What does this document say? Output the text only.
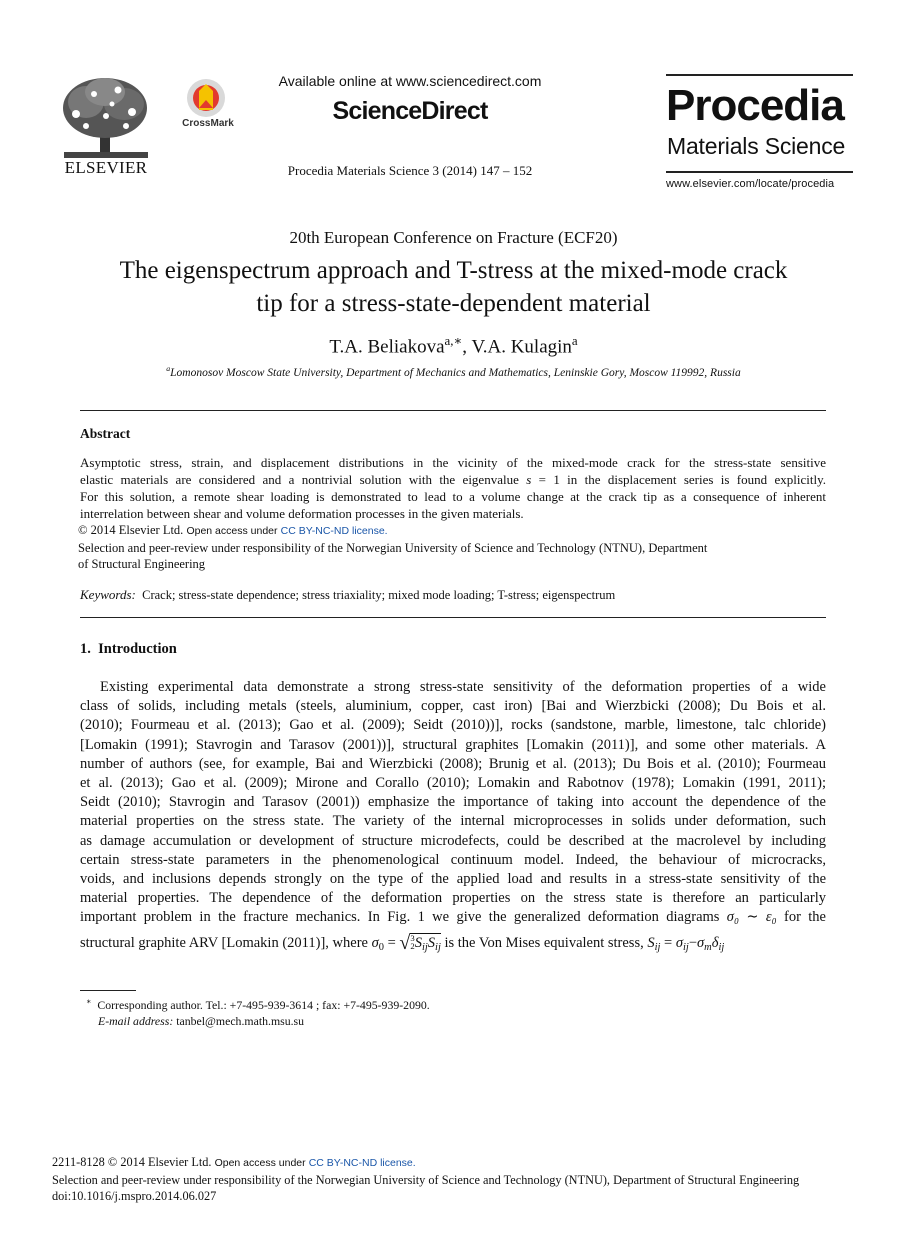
ELSEVIER
CrossMark
Available online at www.sciencedirect.com
ScienceDirect
Procedia Materials Science 3 (2014) 147 – 152
Procedia
Materials Science
www.elsevier.com/locate/procedia
20th European Conference on Fracture (ECF20)
The eigenspectrum approach and T-stress at the mixed-mode crack
tip for a stress-state-dependent material
T.A. Beliakova$^{a,∗}$, V.A. Kulagin$^a$
$^a$Lomonosov Moscow State University, Department of Mechanics and Mathematics, Leninskie Gory, Moscow 119992, Russia
Abstract
Asymptotic stress, strain, and displacement distributions in the vicinity of the mixed-mode crack for the stress-state sensitive
elastic materials are considered and a nontrivial solution with the eigenvalue s = 1 in the displacement series is found explicitly.
For this solution, a remote shear loading is demonstrated to lead to a volume change at the crack tip as a consequence of inherent
interrelation between shear and volume deformation processes in the given materials.
© 2014 Elsevier Ltd. Open access under CC BY-NC-ND license.
Selection and peer-review under responsibility of the Norwegian University of Science and Technology (NTNU), Department
of Structural Engineering
Keywords: Crack; stress-state dependence; stress triaxiality; mixed mode loading; T-stress; eigenspectrum
1.  Introduction
Existing experimental data demonstrate a strong stress-state sensitivity of the deformation properties of a wide
class of solids, including metals (steels, aluminium, copper, cast iron) [Bai and Wierzbicki (2008); Du Bois et al.
(2010); Fourmeau et al. (2013); Gao et al. (2009); Seidt (2010))], rocks (sandstone, marble, limestone, talc chloride)
[Lomakin (1991); Stavrogin and Tarasov (2001))], structural graphites [Lomakin (2011)], and some other materials. A
number of authors (see, for example, Bai and Wierzbicki (2008); Brunig et al. (2013); Du Bois et al. (2010); Fourmeau
et al. (2013); Gao et al. (2009); Mirone and Corallo (2010); Lomakin and Rabotnov (1978); Lomakin (1991, 2011);
Seidt (2010); Stavrogin and Tarasov (2001)) emphasize the importance of taking into account the dependence of the
material properties on the stress state. The variety of the internal microprocesses in solids under deformation, such
as damage accumulation or development of structure microdefects, could be described at the macrolevel by including
certain stress-state parameters in the phenomenological continuum model. Indeed, the behaviour of microcracks,
voids, and inclusions depends strongly on the type of the applied load and results in a stress-state sensitivity of the
material properties. The dependence of the deformation properties on the stress state is therefore an particularly
important problem in the fracture mechanics. In Fig. 1 we give the generalized deformation diagrams σ₀ ∼ ε₀ for the
structural graphite ARV [Lomakin (2011)], where $\sigma_0 = √3$
$2S_{ij}S_{ij}$ is the Von Mises equivalent stress, $S_{ij} = \sigma_{ij}-\sigma_m\delta_{ij}$
∗ Corresponding author. Tel.: +7-495-939-3614 ; fax: +7-495-939-2090.
E-mail address: tanbel@mech.math.msu.su
2211-8128 © 2014 Elsevier Ltd. Open access under CC BY-NC-ND license.
Selection and peer-review under responsibility of the Norwegian University of Science and Technology (NTNU), Department of Structural Engineering
doi:10.1016/j.mspro.2014.06.027
